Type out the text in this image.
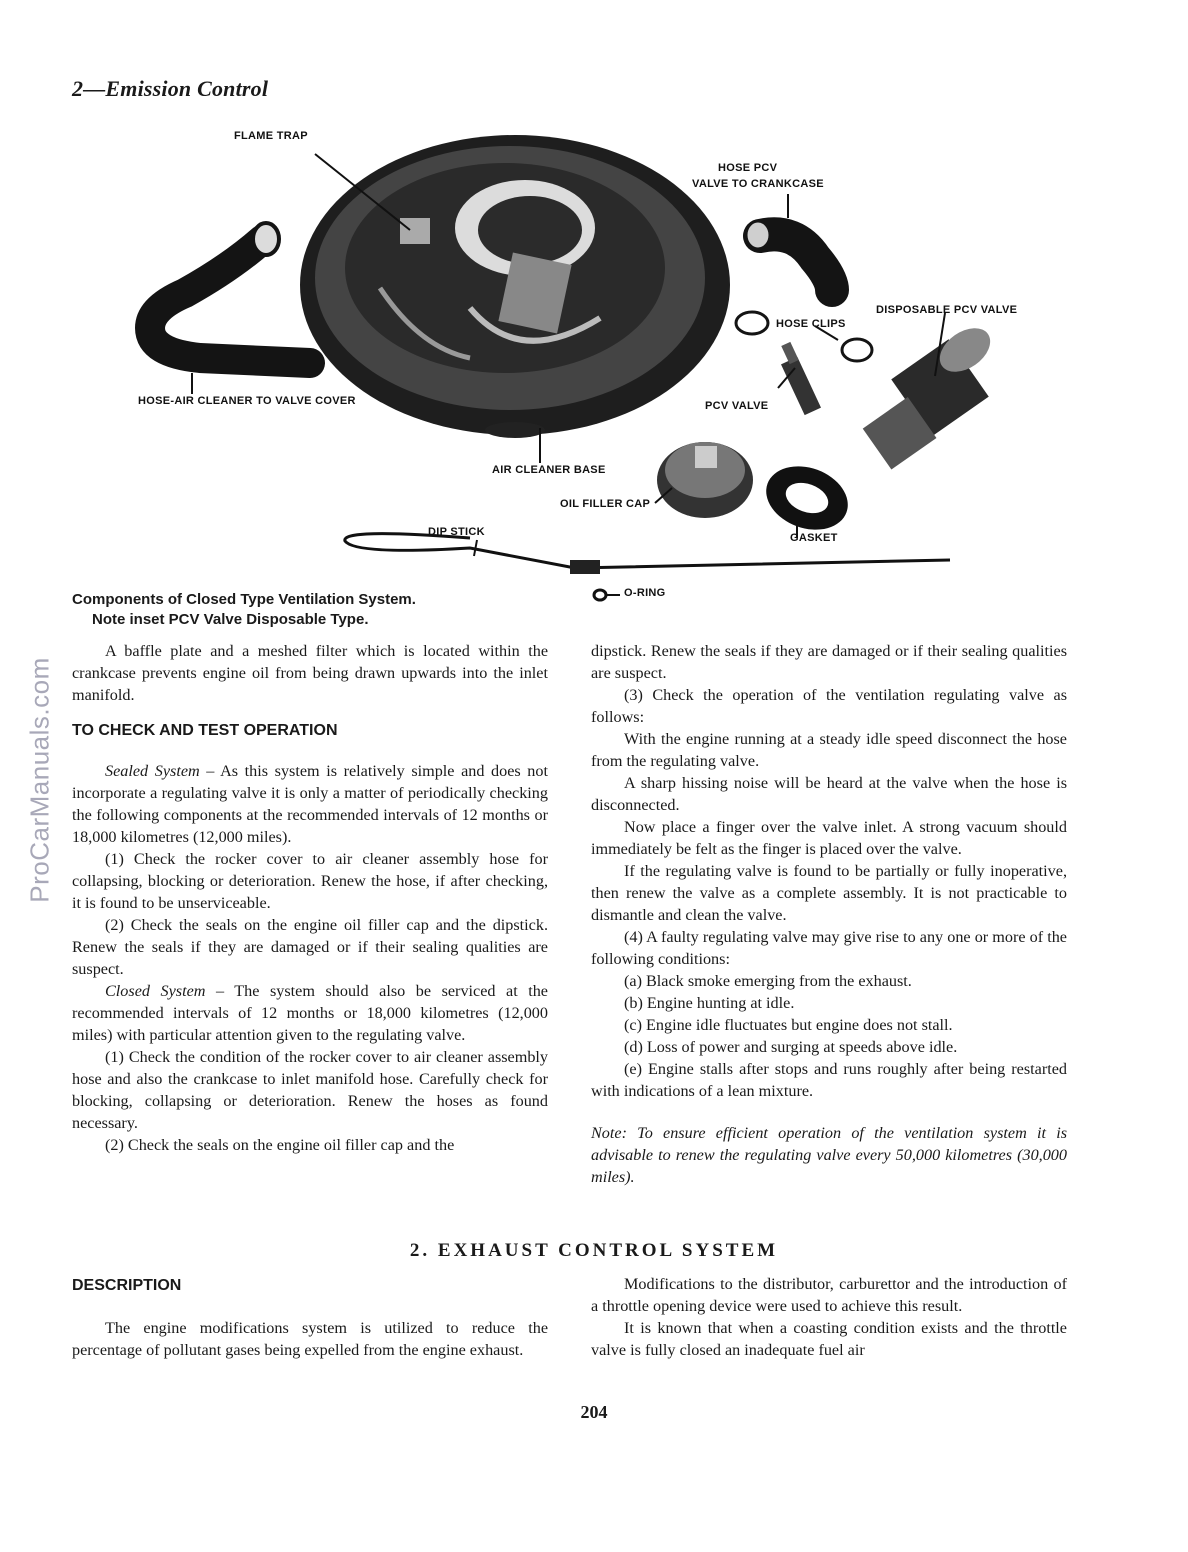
2—Emission Control
ProCarManuals.com
FLAME TRAP
HOSE PCV
VALVE TO CRANKCASE
DISPOSABLE PCV VALVE
HOSE CLIPS
PCV VALVE
HOSE-AIR CLEANER TO VALVE COVER
AIR CLEANER BASE
OIL FILLER CAP
GASKET
DIP STICK
O-RING
Components of Closed Type Ventilation System.
Note inset PCV Valve Disposable Type.

A baffle plate and a meshed filter which is located within the crankcase prevents engine oil from being drawn upwards into the inlet manifold.

TO CHECK AND TEST OPERATION

Sealed System – As this system is relatively simple and does not incorporate a regulating valve it is only a matter of periodically checking the following components at the recommended intervals of 12 months or 18,000 kilometres (12,000 miles).

(1) Check the rocker cover to air cleaner assembly hose for collapsing, blocking or deterioration. Renew the hose, if after checking, it is found to be unserviceable.

(2) Check the seals on the engine oil filler cap and the dipstick. Renew the seals if they are damaged or if their sealing qualities are suspect.

Closed System – The system should also be serviced at the recommended intervals of 12 months or 18,000 kilometres (12,000 miles) with particular attention given to the regulating valve.

(1) Check the condition of the rocker cover to air cleaner assembly hose and also the crankcase to inlet manifold hose. Carefully check for blocking, collapsing or deterioration. Renew the hoses as found necessary.

(2) Check the seals on the engine oil filler cap and the

dipstick. Renew the seals if they are damaged or if their sealing qualities are suspect.

(3) Check the operation of the ventilation regulating valve as follows:

With the engine running at a steady idle speed disconnect the hose from the regulating valve.

A sharp hissing noise will be heard at the valve when the hose is disconnected.

Now place a finger over the valve inlet. A strong vacuum should immediately be felt as the finger is placed over the valve.

If the regulating valve is found to be partially or fully inoperative, then renew the valve as a complete assembly. It is not practicable to dismantle and clean the valve.

(4) A faulty regulating valve may give rise to any one or more of the following conditions:

(a) Black smoke emerging from the exhaust.

(b) Engine hunting at idle.

(c) Engine idle fluctuates but engine does not stall.

(d) Loss of power and surging at speeds above idle.

(e) Engine stalls after stops and runs roughly after being restarted with indications of a lean mixture.

Note: To ensure efficient operation of the ventilation system it is advisable to renew the regulating valve every 50,000 kilometres (30,000 miles).

2. EXHAUST CONTROL SYSTEM
DESCRIPTION

The engine modifications system is utilized to reduce the percentage of pollutant gases being expelled from the engine exhaust.

Modifications to the distributor, carburettor and the introduction of a throttle opening device were used to achieve this result.

It is known that when a coasting condition exists and the throttle valve is fully closed an inadequate fuel air

204
